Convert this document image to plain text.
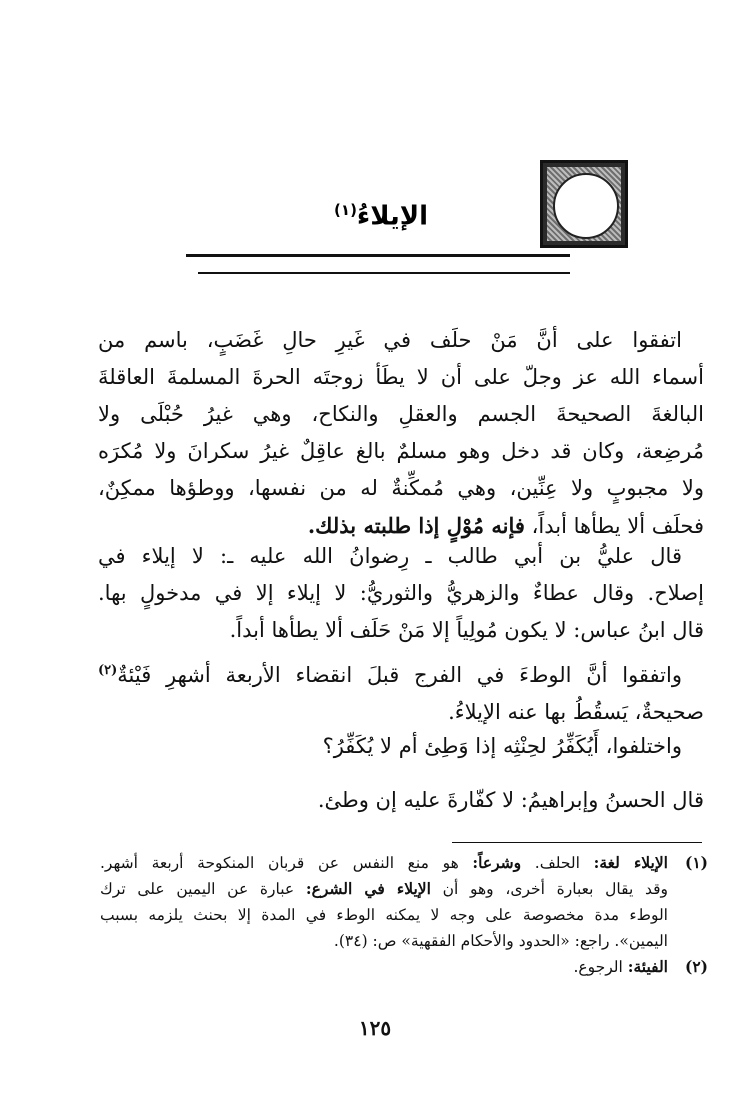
الإيلاءُ$^{(١)}$
اتفقوا على أنَّ مَنْ حلَف في غَيرِ حالِ غَضَبٍ، باسم من
أسماء الله عز وجلّ على أن لا يطَأ زوجتَه الحرةَ المسلمةَ العاقلةَ
البالغةَ الصحيحةَ الجسم والعقلِ والنكاح، وهي غيرُ حُبْلَى ولا
مُرضِعة، وكان قد دخل وهو مسلمٌ بالغ عاقِلٌ غيرُ سكرانَ ولا مُكرَه
ولا مجبوبٍ ولا عِنِّين، وهي مُمكِّنةٌ له من نفسها، ووطؤها ممكِنٌ،
فحلَف ألا يطأها أبداً، فإنه مُوْلٍ إذا طلبته بذلك.
قال عليُّ بن أبي طالب ـ رِضوانُ الله عليه ـ: لا إيلاء في
إصلاح. وقال عطاءٌ والزهريُّ والثوريُّ: لا إيلاء إلا في مدخولٍ بها.
قال ابنُ عباس: لا يكون مُولِياً إلا مَنْ حَلَف ألا يطأها أبداً.
واتفقوا أنَّ الوطءَ في الفرج قبلَ انقضاء الأربعة أشهرِ فَيْئةٌ$^{(٢)}$
صحيحةٌ، يَسقُطُ بها عنه الإيلاءُ.
واختلفوا، أَيُكَفِّرُ لحِنْثِه إذا وَطِئ أم لا يُكَفِّرُ؟
قال الحسنُ وإبراهيمُ: لا كفّارةَ عليه إن وطئ.
(١)
الإيلاء لغة: الحلف. وشرعاً: هو منع النفس عن قربان المنكوحة أربعة أشهر.
وقد يقال بعبارة أخرى، وهو أن الإيلاء في الشرع: عبارة عن اليمين على ترك
الوطء مدة مخصوصة على وجه لا يمكنه الوطء في المدة إلا بحنث يلزمه بسبب
اليمين». راجع: «الحدود والأحكام الفقهية» ص: (٣٤).
(٢)
الفيئة: الرجوع.
١٢٥
